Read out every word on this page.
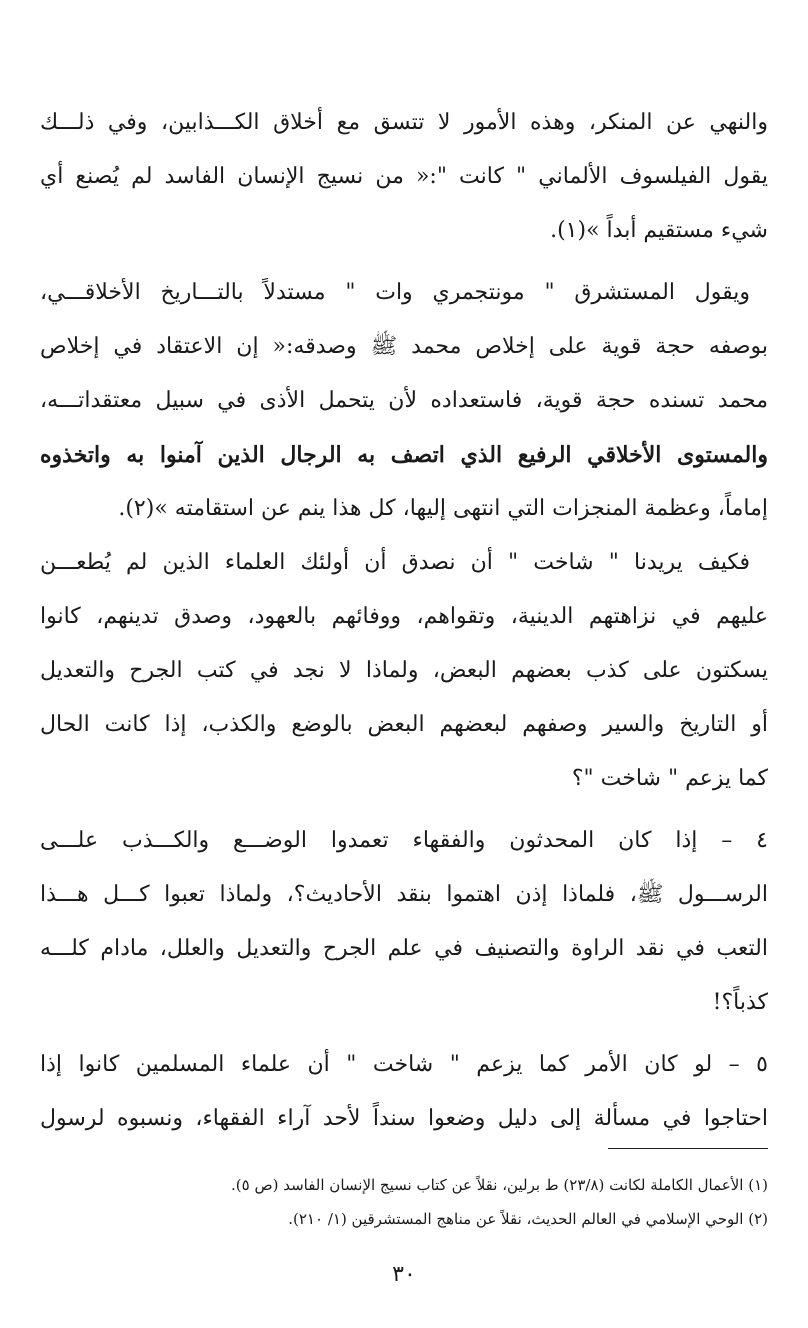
والنهي عن المنكر، وهذه الأمور لا تتسق مع أخلاق الكـــذابين، وفي ذلـــك
يقول الفيلسوف الألماني " كانت ":« من نسيج الإنسان الفاسد لم يُصنع أي
شيء مستقيم أبداً »(١).
ويقول المستشرق " مونتجمري وات " مستدلاً بالتـــاريخ الأخلاقـــي،
بوصفه حجة قوية على إخلاص محمد ﷺ وصدقه:« إن الاعتقاد في إخلاص
محمد تسنده حجة قوية، فاستعداده لأن يتحمل الأذى في سبيل معتقداتـــه،
والمستوى الأخلاقي الرفيع الذي اتصف به الرجال الذين آمنوا به واتخذوه
إماماً، وعظمة المنجزات التي انتهى إليها، كل هذا ينم عن استقامته »(٢).
فكيف يريدنا " شاخت " أن نصدق أن أولئك العلماء الذين لم يُطعـــن
عليهم في نزاهتهم الدينية، وتقواهم، ووفائهم بالعهود، وصدق تدينهم، كانوا
يسكتون على كذب بعضهم البعض، ولماذا لا نجد في كتب الجرح والتعديل
أو التاريخ والسير وصفهم لبعضهم البعض بالوضع والكذب، إذا كانت الحال
كما يزعم " شاخت "؟
٤ – إذا كان المحدثون والفقهاء تعمدوا الوضـــع والكـــذب علـــى
الرســـول ﷺ، فلماذا إذن اهتموا بنقد الأحاديث؟، ولماذا تعبوا كـــل هـــذا
التعب في نقد الراوة والتصنيف في علم الجرح والتعديل والعلل، مادام كلـــه
كذباً؟!
٥ – لو كان الأمر كما يزعم " شاخت " أن علماء المسلمين كانوا إذا
احتاجوا في مسألة إلى دليل وضعوا سنداً لأحد آراء الفقهاء، ونسبوه لرسول
(١) الأعمال الكاملة لكانت (٢٣/٨) ط برلين، نقلاً عن كتاب نسيج الإنسان الفاسد (ص ٥).
(٢) الوحي الإسلامي في العالم الحديث، نقلاً عن مناهج المستشرقين (١/ ٢١٠).
٣٠
